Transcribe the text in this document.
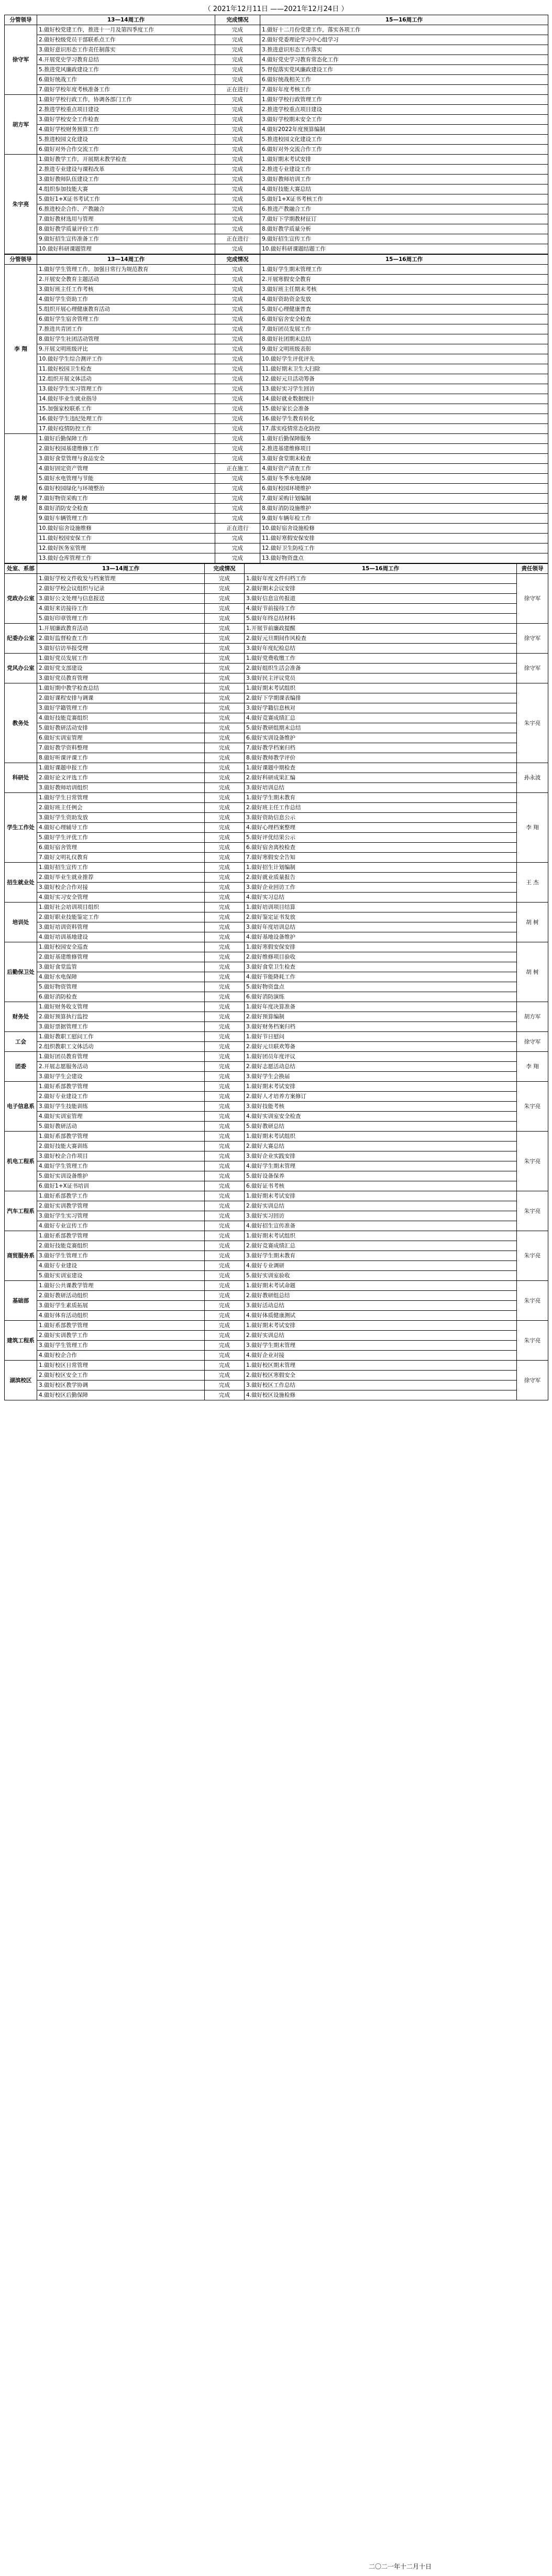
（ 2021年12月11日 ——2021年12月24日 ）
分管领导	13—14周工作	完成情况	15—16周工作
徐守军	1.做好校党建工作，推进十一月及第四季度工作	完成	1.做好十二月份党建工作，落实各项工作
	2.做好校级党员干部联系点工作	完成	2.做好党委理论学习中心组学习
	3.做好意识形态工作责任制落实	完成	3.推进意识形态工作落实
	4.开展党史学习教育总结	完成	4.做好党史学习教育常态化工作
	5.推进党风廉政建设工作	完成	5.督促落实党风廉政建设工作
	6.做好统战工作	完成	6.做好统战相关工作
	7.做好学校年度考核准备工作	正在进行	7.做好年度考核工作
胡方军	1.做好学校行政工作，协调各部门工作	完成	1.做好学校行政管理工作
	2.推进学校重点项目建设	完成	2.推进学校重点项目建设
	3.做好学校安全工作检查	完成	3.做好学校期末安全工作
	4.做好学校财务预算工作	完成	4.做好2022年度预算编制
	5.推进校园文化建设	完成	5.推进校园文化建设工作
	6.做好对外合作交流工作	完成	6.做好对外交流合作工作
朱宇亮	1.做好教学工作，开展期末教学检查	完成	1.做好期末考试安排
	2.推进专业建设与课程改革	完成	2.推进专业建设工作
	3.做好教师队伍建设工作	完成	3.做好教师培训工作
	4.组织参加技能大赛	完成	4.做好技能大赛总结
	5.做好1+X证书考试工作	完成	5.做好1+X证书考核工作
	6.推进校企合作、产教融合	完成	6.推进产教融合工作
	7.做好教材选用与管理	完成	7.做好下学期教材征订
	8.做好教学质量评价工作	完成	8.做好教学质量分析
	9.做好招生宣传准备工作	正在进行	9.做好招生宣传工作
	10.做好科研课题管理	完成	10.做好科研课题结题工作
分管领导	13—14周工作	完成情况	15—16周工作
李 翔	1.做好学生管理工作，加强日常行为规范教育	完成	1.做好学生期末管理工作
	2.开展安全教育主题活动	完成	2.开展寒假安全教育
	3.做好班主任工作考核	完成	3.做好班主任期末考核
	4.做好学生资助工作	完成	4.做好资助资金发放
	5.组织开展心理健康教育活动	完成	5.做好心理健康普查
	6.做好学生宿舍管理工作	完成	6.做好宿舍安全检查
	7.推进共青团工作	完成	7.做好团员发展工作
	8.做好学生社团活动管理	完成	8.做好社团期末总结
	9.开展文明班级评比	完成	9.做好文明班级表彰
	10.做好学生综合测评工作	完成	10.做好学生评优评先
	11.做好校园卫生检查	完成	11.做好期末卫生大扫除
	12.组织开展文体活动	完成	12.做好元旦活动筹备
	13.做好学生实习管理工作	完成	13.做好实习学生回访
	14.做好毕业生就业指导	完成	14.做好就业数据统计
	15.加强家校联系工作	完成	15.做好家长会准备
	16.做好学生违纪处理工作	完成	16.做好学生教育转化
	17.做好疫情防控工作	完成	17.落实疫情常态化防控
胡 树	1.做好后勤保障工作	完成	1.做好后勤保障服务
	2.做好校园基建维修工作	完成	2.推进基建维修项目
	3.做好食堂管理与食品安全	完成	3.做好食堂期末检查
	4.做好固定资产管理	正在施工	4.做好资产清查工作
	5.做好水电管理与节能	完成	5.做好冬季水电保障
	6.做好校园绿化与环境整治	完成	6.做好校园环境维护
	7.做好物资采购工作	完成	7.做好采购计划编制
	8.做好消防安全检查	完成	8.做好消防设施维护
	9.做好车辆管理工作	完成	9.做好车辆年检工作
	10.做好宿舍设施维修	正在进行	10.做好宿舍设施检修
	11.做好校园安保工作	完成	11.做好寒假安保安排
	12.做好医务室管理	完成	12.做好卫生防疫工作
	13.做好仓库管理工作	完成	13.做好物资盘点
处室、系部	13—14周工作	完成情况	15—16周工作	责任领导
党政办公室	1.做好学校文件收发与档案管理	完成	1.做好年度文件归档工作	徐守军
	2.做好学校会议组织与记录	完成	2.做好期末会议安排	
	3.做好公文处理与信息报送	完成	3.做好信息宣传报道	
	4.做好来访接待工作	完成	4.做好节前接待工作	
	5.做好印章管理工作	完成	5.做好年终总结材料	
纪委办公室	1.开展廉政教育活动	完成	1.开展节前廉政提醒	徐守军
	2.做好监督检查工作	完成	2.做好元旦期间作风检查	
	3.做好信访举报受理	完成	3.做好年度纪检总结	
党风办公室	1.做好党员发展工作	完成	1.做好党费收缴工作	徐守军
	2.做好党支部建设	完成	2.做好组织生活会准备	
	3.做好党员教育管理	完成	3.做好民主评议党员	
教务处	1.做好期中教学检查总结	完成	1.做好期末考试组织	朱宇亮
	2.做好课程安排与调课	完成	2.做好下学期课表编排	
	3.做好学籍管理工作	完成	3.做好学籍信息核对	
	4.做好技能竞赛组织	完成	4.做好竞赛成绩汇总	
	5.做好教研活动安排	完成	5.做好教研组期末总结	
	6.做好实训室管理	完成	6.做好实训设备维护	
	7.做好教学资料整理	完成	7.做好教学档案归档	
	8.做好听课评课工作	完成	8.做好教师教学评价	
科研处	1.做好课题申报工作	完成	1.做好课题中期检查	孙永波
	2.做好论文评选工作	完成	2.做好科研成果汇编	
	3.做好教师培训组织	完成	3.做好培训总结	
学生工作处	1.做好学生日常管理	完成	1.做好学生期末教育	李 翔
	2.做好班主任例会	完成	2.做好班主任工作总结	
	3.做好学生资助发放	完成	3.做好资助信息公示	
	4.做好心理辅导工作	完成	4.做好心理档案整理	
	5.做好学生评优工作	完成	5.做好评优结果公示	
	6.做好宿舍管理	完成	6.做好宿舍离校检查	
	7.做好文明礼仪教育	完成	7.做好寒假安全告知	
招生就业处	1.做好招生宣传工作	完成	1.做好招生计划编制	王 杰
	2.做好毕业生就业推荐	完成	2.做好就业质量报告	
	3.做好校企合作对接	完成	3.做好企业回访工作	
	4.做好实习安全管理	完成	4.做好实习总结	
培训处	1.做好社会培训项目组织	完成	1.做好培训项目结算	胡 树
	2.做好职业技能鉴定工作	完成	2.做好鉴定证书发放	
	3.做好培训资料管理	完成	3.做好年度培训总结	
	4.做好培训基地建设	完成	4.做好基地设备维护	
后勤保卫处	1.做好校园安全巡查	完成	1.做好寒假安保安排	胡 树
	2.做好基建维修管理	完成	2.做好维修项目验收	
	3.做好食堂监管	完成	3.做好食堂卫生检查	
	4.做好水电保障	完成	4.做好节能降耗工作	
	5.做好物资管理	完成	5.做好物资盘点	
	6.做好消防检查	完成	6.做好消防演练	
财务处	1.做好财务收支管理	完成	1.做好年度决算准备	胡方军
	2.做好预算执行监控	完成	2.做好预算编制	
	3.做好票据管理工作	完成	3.做好财务档案归档	
工会	1.做好教职工慰问工作	完成	1.做好节日慰问	徐守军
	2.组织教职工文体活动	完成	2.做好元旦联欢筹备	
团委	1.做好团员教育管理	完成	1.做好团员年度评议	李 翔
	2.开展志愿服务活动	完成	2.做好志愿活动总结	
	3.做好学生会建设	完成	3.做好学生会换届	
电子信息系	1.做好系部教学管理	完成	1.做好期末考试安排	朱宇亮
	2.做好专业建设工作	完成	2.做好人才培养方案修订	
	3.做好学生技能训练	完成	3.做好技能考核	
	4.做好实训室管理	完成	4.做好实训室安全检查	
	5.做好教研活动	完成	5.做好教研总结	
机电工程系	1.做好系部教学管理	完成	1.做好期末考试组织	朱宇亮
	2.做好技能大赛训练	完成	2.做好大赛总结	
	3.做好校企合作项目	完成	3.做好企业实践安排	
	4.做好学生管理工作	完成	4.做好学生期末管理	
	5.做好实训设备维护	完成	5.做好设备保养	
	6.做好1+X证书培训	完成	6.做好证书考核	
汽车工程系	1.做好系部教学工作	完成	1.做好期末考试安排	朱宇亮
	2.做好实训教学管理	完成	2.做好实训总结	
	3.做好学生实习管理	完成	3.做好实习回访	
	4.做好专业宣传工作	完成	4.做好招生宣传准备	
商贸服务系	1.做好系部教学管理	完成	1.做好期末考试组织	朱宇亮
	2.做好技能竞赛组织	完成	2.做好竞赛成绩汇总	
	3.做好学生管理工作	完成	3.做好学生期末教育	
	4.做好专业建设	完成	4.做好专业调研	
	5.做好实训室建设	完成	5.做好实训室验收	
基础部	1.做好公共课教学管理	完成	1.做好期末考试命题	朱宇亮
	2.做好教研活动组织	完成	2.做好教研组总结	
	3.做好学生素质拓展	完成	3.做好活动总结	
	4.做好体育活动组织	完成	4.做好体质健康测试	
建筑工程系	1.做好系部教学管理	完成	1.做好期末考试安排	朱宇亮
	2.做好实训教学工作	完成	2.做好实训总结	
	3.做好学生管理工作	完成	3.做好学生期末管理	
	4.做好校企合作	完成	4.做好企业对接	
湖滨校区	1.做好校区日常管理	完成	1.做好校区期末管理	徐守军
	2.做好校区安全工作	完成	2.做好校区寒假安全	
	3.做好校区教学协调	完成	3.做好校区工作总结	
	4.做好校区后勤保障	完成	4.做好校区设施检修	
二〇二一年十二月十日
